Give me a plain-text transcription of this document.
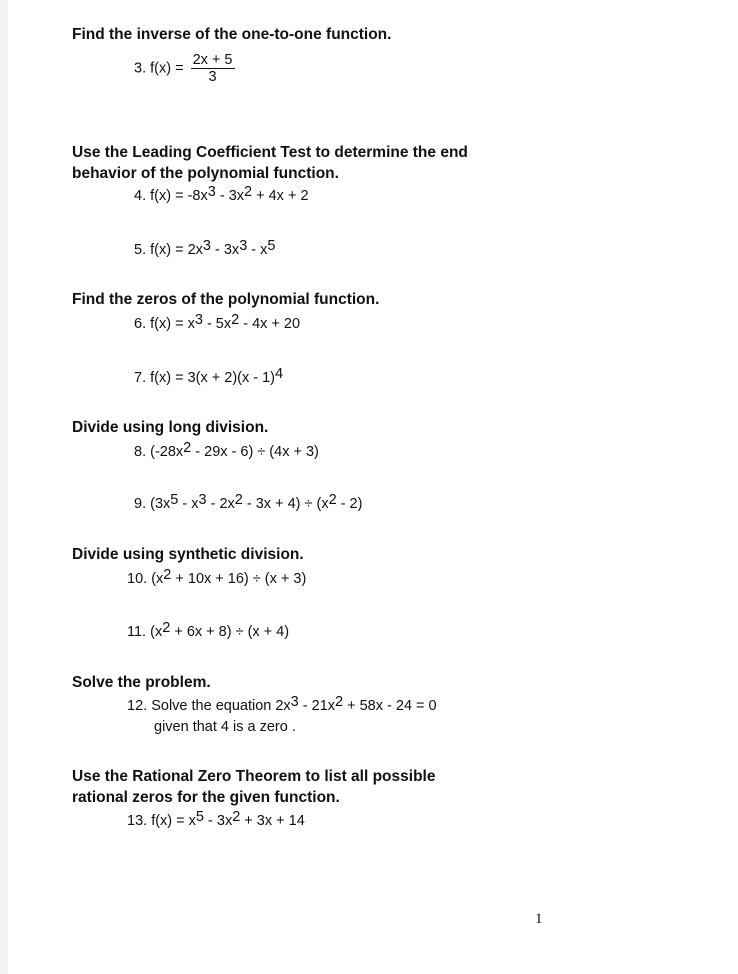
Find the inverse of the one-to-one function.
3. $f(x) = \frac{2x + 5}{3}$
Use the Leading Coefficient Test to determine the end
behavior of the polynomial function.
4. $f(x) = -8x^3 - 3x^2 + 4x + 2$
5. $f(x) = 2x^3 - 3x^3 - x^5$
Find the zeros of the polynomial function.
6. $f(x) = x^3 - 5x^2 - 4x + 20$
7. f(x) = 3(x + 2)(x - 1)$^4$
Divide using long division.
8. $(-28x^2 - 29x - 6) \div (4x + 3)$
9. $(3x^5 - x^3 - 2x^2 - 3x + 4) \div (x^2 - 2)$
Divide using synthetic division.
10. $(x^2 + 10x + 16) \div (x + 3)$
11. $(x^2 + 6x + 8) \div (x + 4)$
Solve the problem.
12. Solve the equation $2x^3 - 21x^2 + 58x - 24 = 0$
given that 4 is a zero .
Use the Rational Zero Theorem to list all possible
rational zeros for the given function.
13. $f(x) = x^5 - 3x^2 + 3x + 14$
1
